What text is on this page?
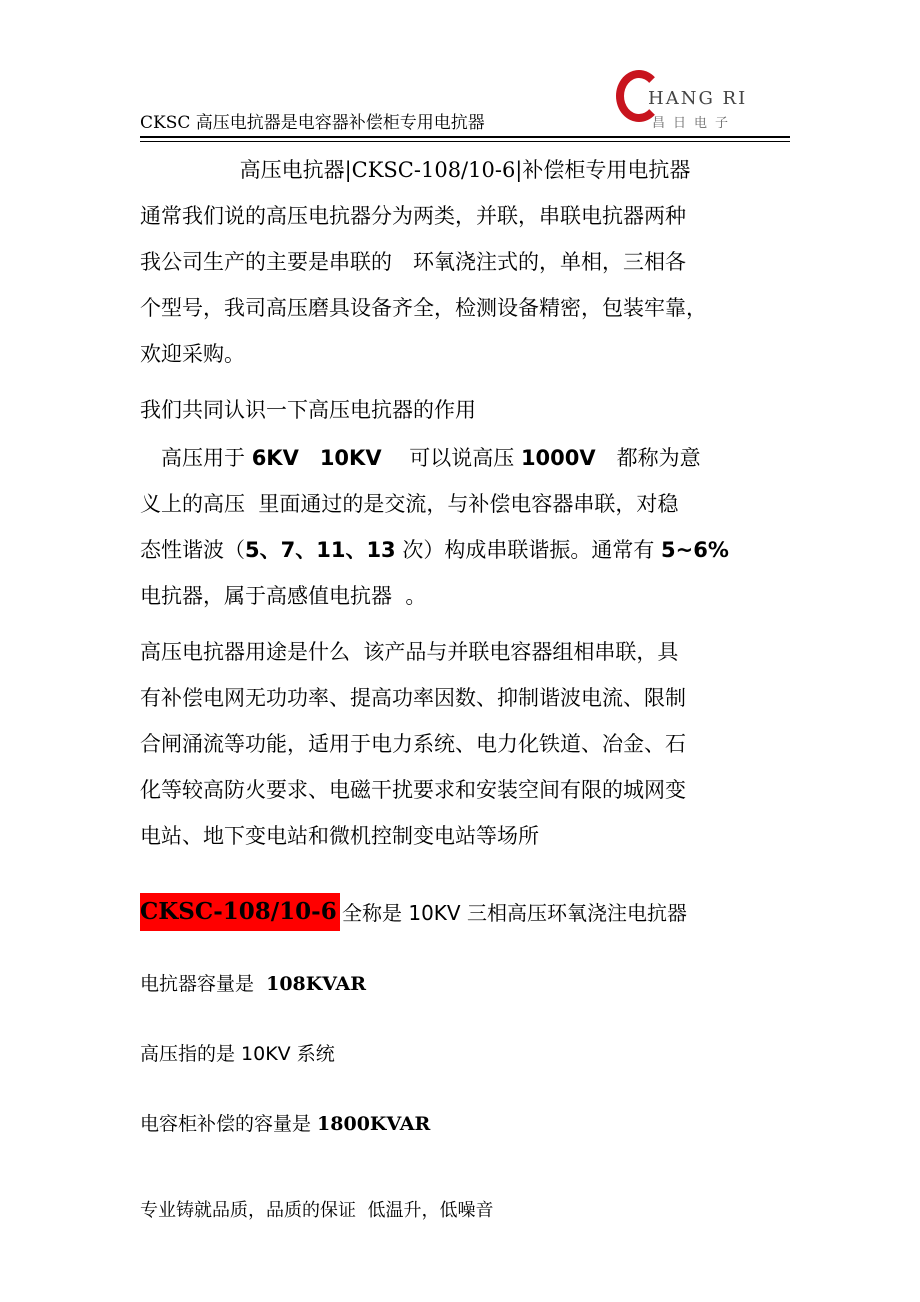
CKSC 高压电抗器是电容器补偿柜专用电抗器
HANG RI
昌日电子
高压电抗器|CKSC-108/10-6|补偿柜专用电抗器
通常我们说的高压电抗器分为两类，并联，串联电抗器两种
我公司生产的主要是串联的　环氧浇注式的，单相，三相各
个型号，我司高压磨具设备齐全，检测设备精密，包装牢靠，
欢迎采购。
我们共同认识一下高压电抗器的作用
　高压用于 6KV　10KV　 可以说高压 1000V　都称为意
义上的高压  里面通过的是交流，与补偿电容器串联，对稳
态性谐波（5、7、11、13 次）构成串联谐振。通常有 5~6%
电抗器，属于高感值电抗器  。
高压电抗器用途是什么  该产品与并联电容器组相串联，具
有补偿电网无功功率、提高功率因数、抑制谐波电流、限制
合闸涌流等功能，适用于电力系统、电力化铁道、冶金、石
化等较高防火要求、电磁干扰要求和安装空间有限的城网变
电站、地下变电站和微机控制变电站等场所
CKSC-108/10-6 全称是 10KV 三相高压环氧浇注电抗器
电抗器容量是  108KVAR
高压指的是 10KV 系统
电容柜补偿的容量是 1800KVAR
专业铸就品质，品质的保证  低温升，低噪音
